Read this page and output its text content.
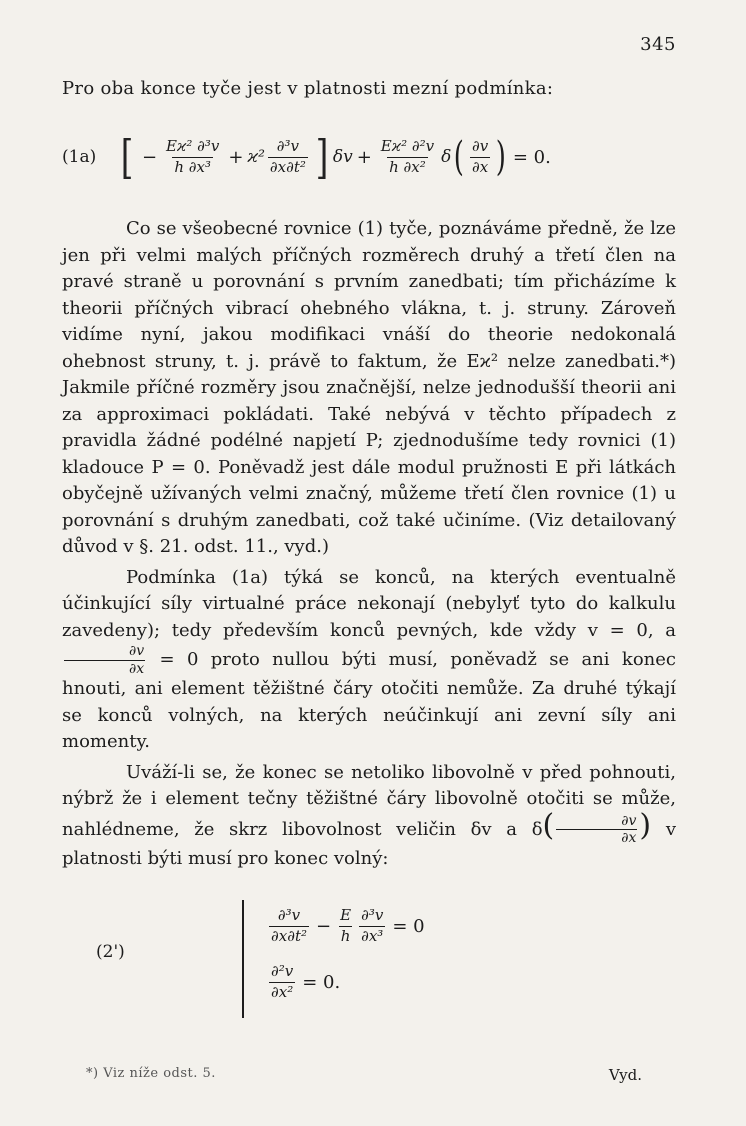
345
Pro oba konce tyče jest v platnosti mezní podmínka:
(1a) [ − $\frac{\text{Eϰ² ∂³v}}{\text{h ∂x³}} + ϰ^2 \frac{\text{∂³v}}{\text{∂x∂t²}}$ ] $\delta v + \frac{\text{Eϰ² ∂²v}}{\text{h ∂x²}}$ δ ( $\frac{\partial v}{\partial x}$ ) = 0.

Co se všeobecné rovnice (1) tyče, poznáváme předně, že lze jen při velmi malých příčných rozměrech druhý a třetí člen na pravé straně u porovnání s prvním zanedbati; tím přicházíme k theorii příčných vibrací ohebného vlákna, t. j. struny. Zároveň vidíme nyní, jakou modifikaci vnáší do theorie nedokonalá ohebnost struny, t. j. právě to faktum, že Eϰ² nelze zanedbati.*) Jakmile příčné rozměry jsou značnější, nelze jednodušší theorii ani za approximaci pokládati. Také nebývá v těchto případech z pravidla žádné podélné napjetí P; zjednodušíme tedy rovnici (1) kladouce P = 0. Poněvadž jest dále modul pružnosti E při látkách obyčejně užívaných velmi značný, můžeme třetí člen rovnice (1) u porovnání s druhým zanedbati, což také učiníme. (Viz detailovaný důvod v §. 21. odst. 11., vyd.)

Podmínka (1a) týká se konců, na kterých eventualně účinkující síly virtualné práce nekonají (nebylyť tyto do kalkulu zavedeny); tedy především konců pevných, kde vždy v = 0, a
$\frac{\partial v}{\partial x} = 0$ proto nullou býti musí, poněvadž se ani konec hnouti, ani element těžištné čáry otočiti nemůže. Za druhé týkají se konců volných, na kterých neúčinkují ani zevní síly ani momenty.

Uváží-li se, že konec se netoliko libovolně v před pohnouti, nýbrž že i element tečny těžištné čáry libovolně otočiti se může, nahlédneme, že skrz libovolnost veličin δv a $\delta( \frac{\partial v}{\partial x}$ ) v platnosti býti musí pro konec volný:

(2')
$\frac{\text{∂³v}}{\text{∂x∂t²}} - \frac{E}{h} \frac{\text{∂³v}}{\text{∂x³}} = 0$
$\frac{\text{∂²v}}{\text{∂x²}} = 0$.
*) Viz níže odst. 5.	Vyd.
